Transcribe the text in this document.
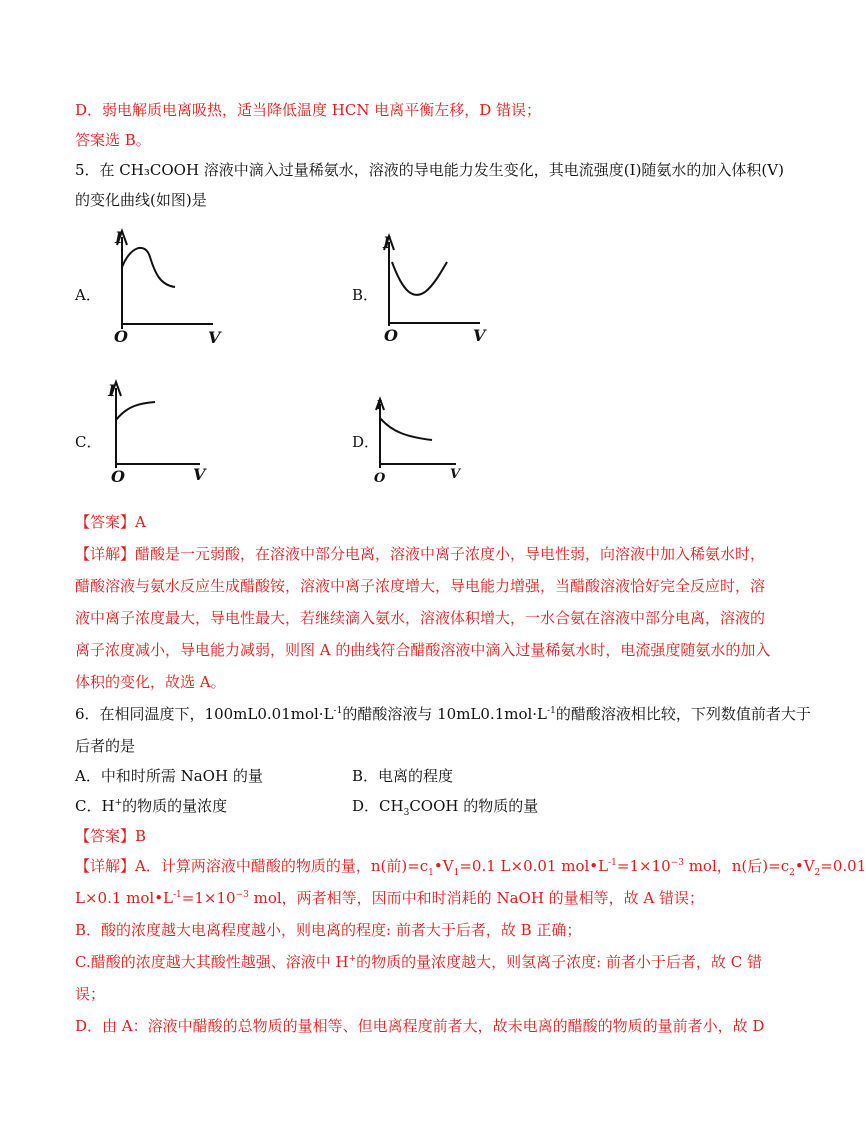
D．弱电解质电离吸热，适当降低温度 HCN 电离平衡左移，D 错误；
答案选 B。
5．在 CH₃COOH 溶液中滴入过量稀氨水，溶液的导电能力发生变化，其电流强度(I)随氨水的加入体积(V)
的变化曲线(如图)是
A．
I
O	V
B．
I
O	V
C．
I
O	V
D．
I
O	V
【答案】A
【详解】醋酸是一元弱酸，在溶液中部分电离，溶液中离子浓度小，导电性弱，向溶液中加入稀氨水时，
醋酸溶液与氨水反应生成醋酸铵，溶液中离子浓度增大，导电能力增强，当醋酸溶液恰好完全反应时，溶
液中离子浓度最大，导电性最大，若继续滴入氨水，溶液体积增大，一水合氨在溶液中部分电离，溶液的
离子浓度减小，导电能力减弱，则图 A 的曲线符合醋酸溶液中滴入过量稀氨水时，电流强度随氨水的加入
体积的变化，故选 A。
6．在相同温度下，$100mL0.01mol\cdot L^{-1}$的醋酸溶液与 $10mL0.1mol\cdot L^{-1}$的醋酸溶液相比较，下列数值前者大于
后者的是
A．中和时所需 NaOH 的量	B．电离的程度
C．H+的物质的量浓度	D．$CH_3COOH$ 的物质的量
【答案】B
【详解】A．计算两溶液中醋酸的物质的量，n(前)$=c_1•V_1=0.1$ L×0.01 $mol•L^{-1}=1\times 10^{-3}$ mol，n(后)$=c_2•V_2=0.01$
L×0.1 $mol•L^{-1}=1\times 10^{-3}$ mol，两者相等，因而中和时消耗的 NaOH 的量相等，故 A 错误；
B．酸的浓度越大电离程度越小，则电离的程度: 前者大于后者，故 B 正确；
C.醋酸的浓度越大其酸性越强、溶液中 H+的物质的量浓度越大，则氢离子浓度: 前者小于后者，故 C 错
误；
D．由 A：溶液中醋酸的总物质的量相等、但电离程度前者大，故未电离的醋酸的物质的量前者小，故 D
